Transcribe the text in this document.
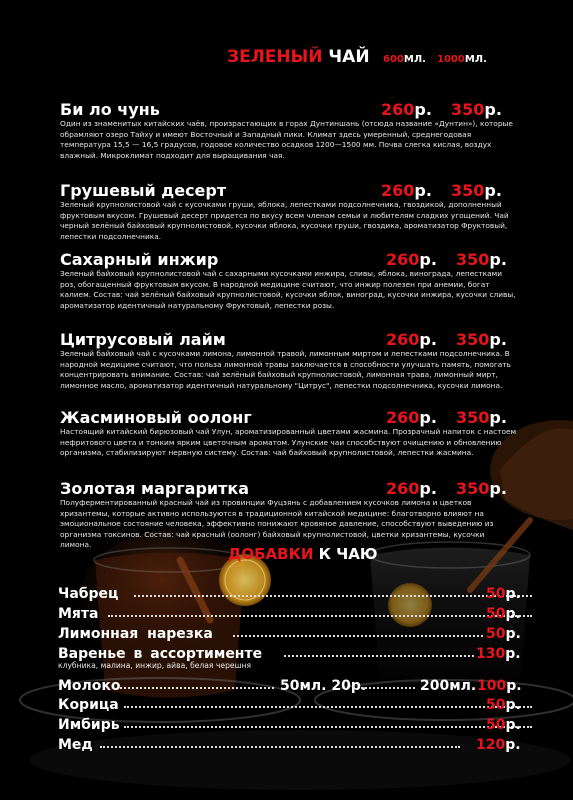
ЗЕЛЕНЫЙ ЧАЙ 600МЛ. 1000МЛ.
Би ло чунь	260р. 350р.
Один из знаменитых китайских чаёв, произрастающих в горах Дунтиншань (отсюда название «Дунтин»), которые обрамляют озеро Тайху и имеют Восточный и Западный пики. Климат здесь умеренный, среднегодовая температура 15,5 — 16,5 градусов, годовое количество осадков 1200—1500 мм. Почва слегка кислая, воздух влажный. Микроклимат подходит для выращивания чая.
Грушевый десерт	260р. 350р.
Зеленый крупнолистовой чай с кусочками груши, яблока, лепестками подсолнечника, гвоздикой, дополненный фруктовым вкусом. Грушевый десерт придется по вкусу всем членам семьи и любителям сладких угощений. Чай черный зелёный байховый крупнолистовой, кусочки яблока, кусочки груши, гвоздика, ароматизатор Фруктовый, лепестки подсолнечника.
Сахарный инжир	260р. 350р.
Зеленый байховый крупнолистовой чай с сахарными кусочками инжира, сливы, яблока, винограда, лепестками роз, обогащенный фруктовым вкусом. В народной медицине считают, что инжир полезен при анемии, богат калием. Состав: чай зелёный байховый крупнолистовой, кусочки яблок, виноград, кусочки инжира, кусочки сливы, ароматизатор идентичный натуральному Фруктовый, лепестки розы.
Цитрусовый лайм	260р. 350р.
Зеленый байховый чай с кусочками лимона, лимонной травой, лимонным миртом и лепестками подсолнечника. В народной медицине считают, что польза лимонной травы заключается в способности улучшать память, помогать концентрировать внимание. Состав: чай зелёный байховый крупнолистовой, лимонная трава, лимонный мирт, лимонное масло, ароматизатор идентичный натуральному "Цитрус", лепестки подсолнечника, кусочки лимона.
Жасминовый оолонг	260р. 350р.
Настоящий китайский бирюзовый чай Улун, ароматизированный цветами жасмина. Прозрачный напиток с настоем нефритового цвета и тонким ярким цветочным ароматом. Улунские чаи способствуют очищению и обновлению организма, стабилизируют нервную систему. Состав: чай байховый крупнолистовой, лепестки жасмина.
Золотая маргаритка	260р. 350р.
Полуферментированный красный чай из провинции Фуцзянь с добавлением кусочков лимона и цветков хризантемы, которые активно используются в традиционной китайской медицине: благотворно влияют на эмоциональное состояние человека, эффективно понижают кровяное давление, способствуют выведению из организма токсинов. Состав: чай красный (оолонг) байховый крупнолистовой, цветки хризантемы, кусочки лимона.
ДОБАВКИ К ЧАЮ
Чабрец	50р.
Мята	50р.
Лимонная нарезка	50р.
Варенье в ассортименте	130р.
клубника, малина, инжир, айва, белая черешня
Молоко	50мл. 20р.	200мл. 100р.
Корица	50р.
Имбирь	50р.
Мед	120р.
